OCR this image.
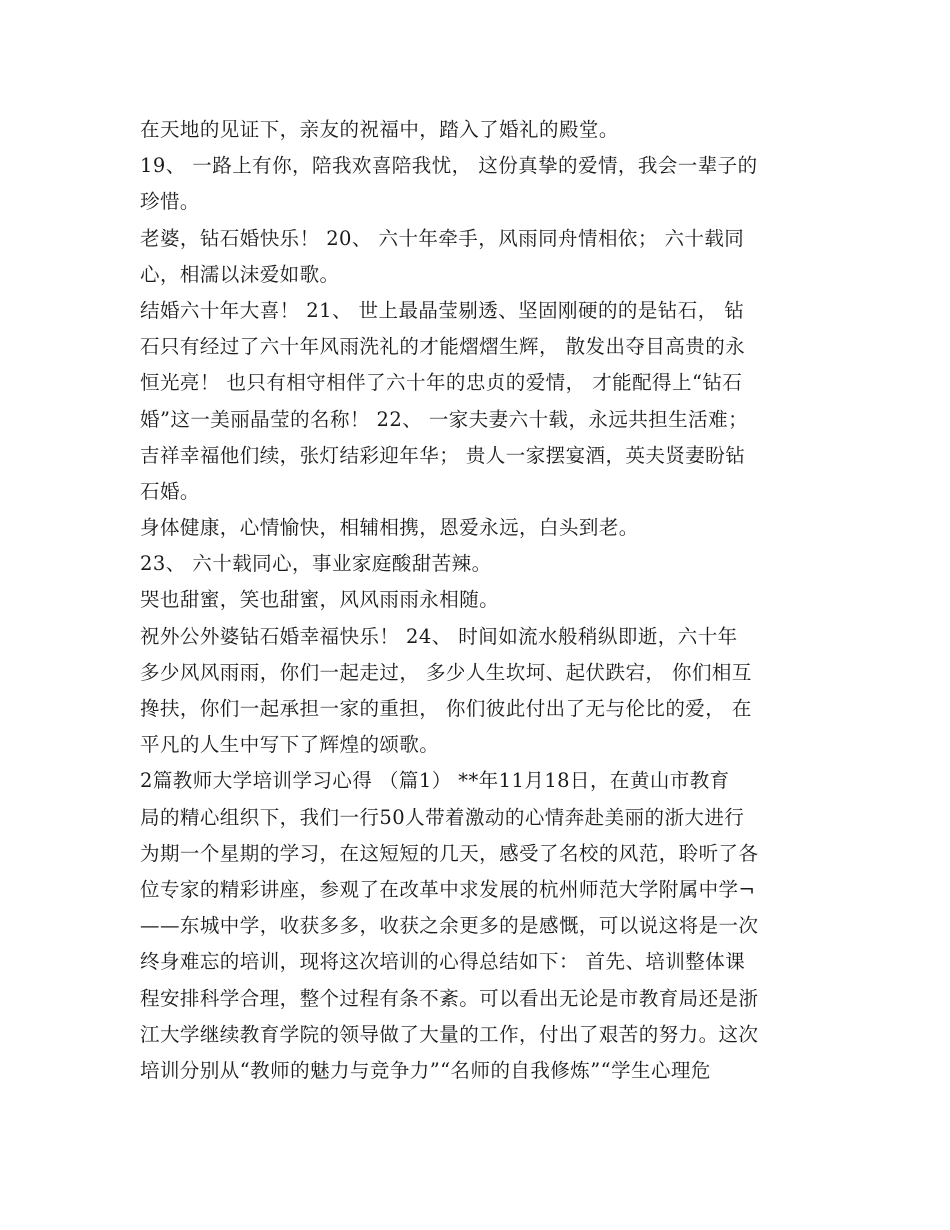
在天地的见证下，亲友的祝福中，踏入了婚礼的殿堂。

19、 一路上有你，陪我欢喜陪我忧， 这份真挚的爱情，我会一辈子的

珍惜。

老婆，钻石婚快乐！ 20、 六十年牵手，风雨同舟情相依； 六十载同

心，相濡以沫爱如歌。

结婚六十年大喜！ 21、 世上最晶莹剔透、坚固刚硬的的是钻石， 钻

石只有经过了六十年风雨洗礼的才能熠熠生辉， 散发出夺目高贵的永

恒光亮！ 也只有相守相伴了六十年的忠贞的爱情， 才能配得上“钻石

婚”这一美丽晶莹的名称！ 22、 一家夫妻六十载，永远共担生活难；

吉祥幸福他们续，张灯结彩迎年华； 贵人一家摆宴酒，英夫贤妻盼钻

石婚。

身体健康，心情愉快，相辅相携，恩爱永远，白头到老。

23、 六十载同心，事业家庭酸甜苦辣。

哭也甜蜜，笑也甜蜜，风风雨雨永相随。

祝外公外婆钻石婚幸福快乐！ 24、 时间如流水般稍纵即逝，六十年

多少风风雨雨，你们一起走过， 多少人生坎坷、起伏跌宕， 你们相互

搀扶，你们一起承担一家的重担， 你们彼此付出了无与伦比的爱， 在

平凡的人生中写下了辉煌的颂歌。

2篇教师大学培训学习心得 （篇1） **年11月18日，在黄山市教育

局的精心组织下，我们一行50人带着激动的心情奔赴美丽的浙大进行

为期一个星期的学习，在这短短的几天，感受了名校的风范，聆听了各

位专家的精彩讲座，参观了在改革中求发展的杭州师范大学附属中学¬

——东城中学，收获多多，收获之余更多的是感慨，可以说这将是一次

终身难忘的培训，现将这次培训的心得总结如下： 首先、培训整体课

程安排科学合理，整个过程有条不紊。可以看出无论是市教育局还是浙

江大学继续教育学院的领导做了大量的工作，付出了艰苦的努力。这次

培训分别从“教师的魅力与竞争力”“名师的自我修炼”“学生心理危
